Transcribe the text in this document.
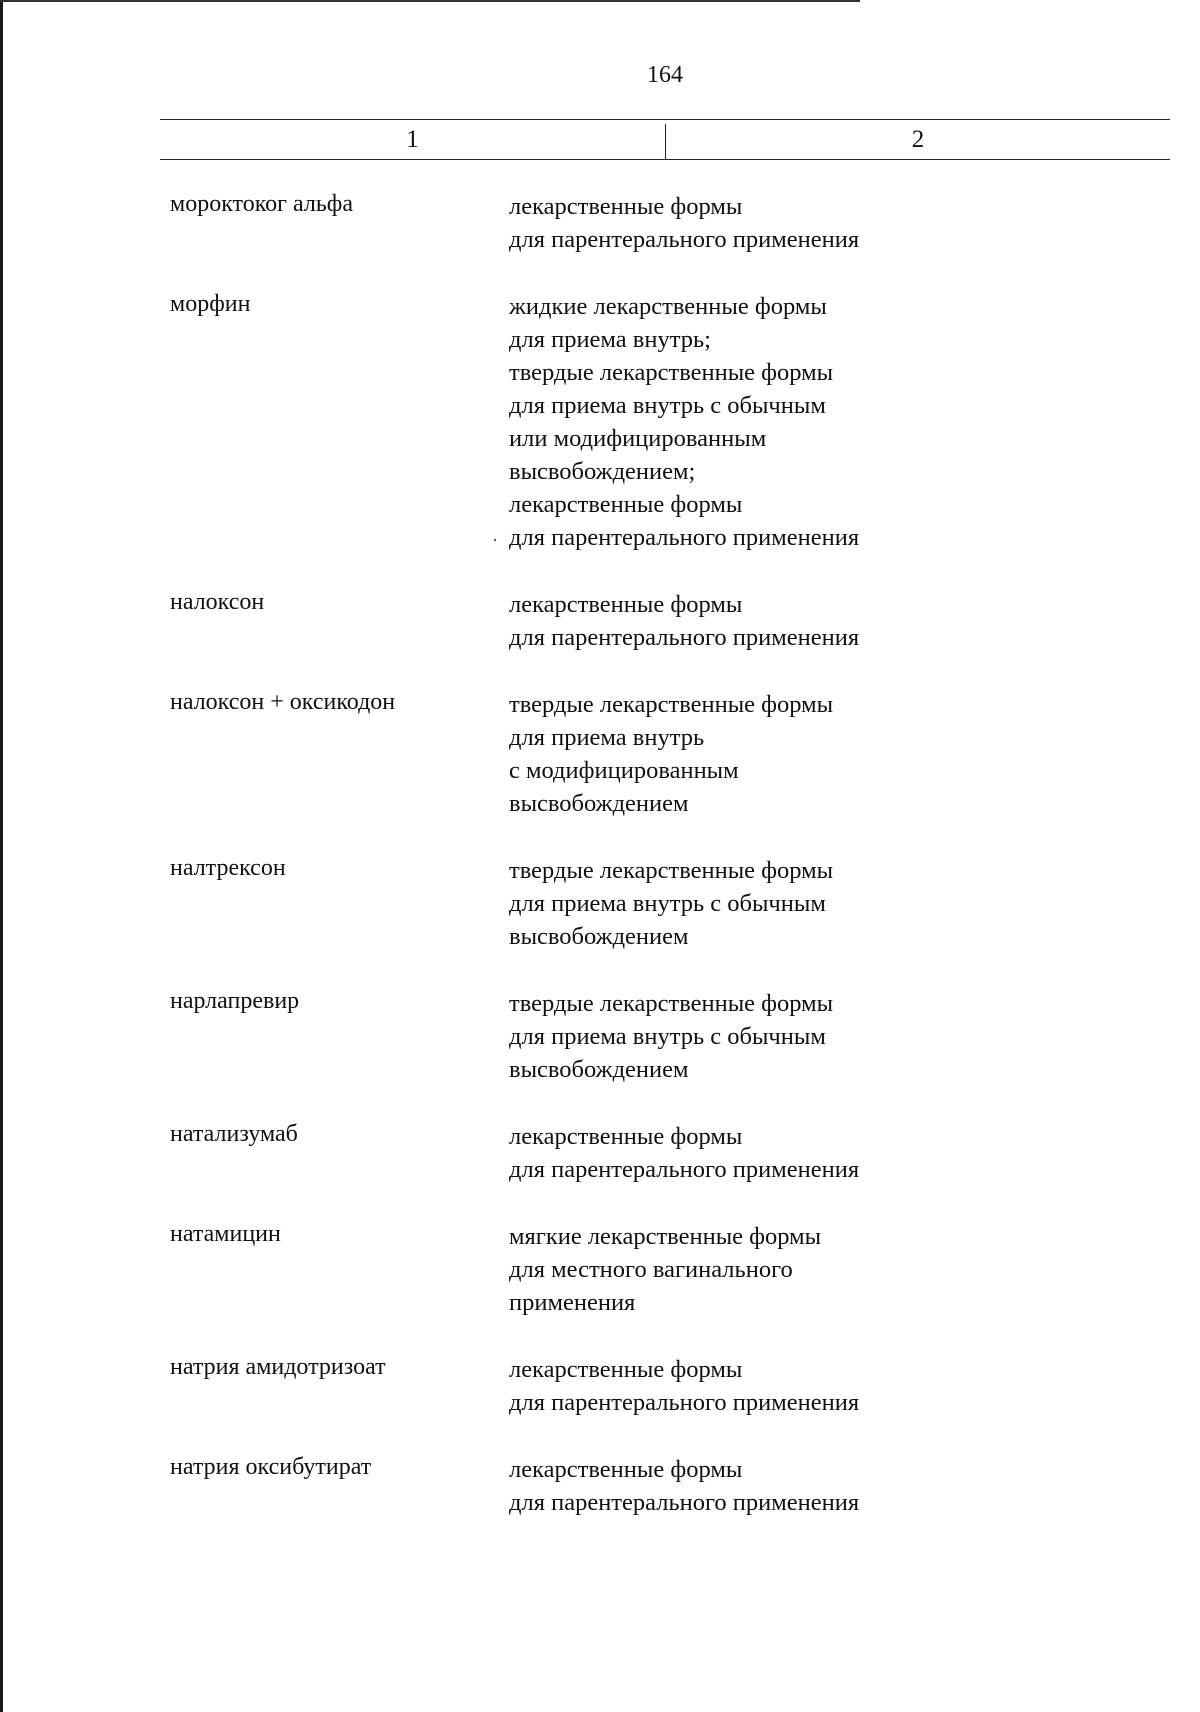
164
1	2
мороктоког альфа	лекарственные формы
для парентерального применения
морфин	жидкие лекарственные формы
для приема внутрь;
твердые лекарственные формы
для приема внутрь с обычным
или модифицированным
высвобождением;
лекарственные формы
для парентерального применения
налоксон	лекарственные формы
для парентерального применения
налоксон + оксикодон	твердые лекарственные формы
для приема внутрь
с модифицированным
высвобождением
налтрексон	твердые лекарственные формы
для приема внутрь с обычным
высвобождением
нарлапревир	твердые лекарственные формы
для приема внутрь с обычным
высвобождением
натализумаб	лекарственные формы
для парентерального применения
натамицин	мягкие лекарственные формы
для местного вагинального
применения
натрия амидотризоат	лекарственные формы
для парентерального применения
натрия оксибутират	лекарственные формы
для парентерального применения
